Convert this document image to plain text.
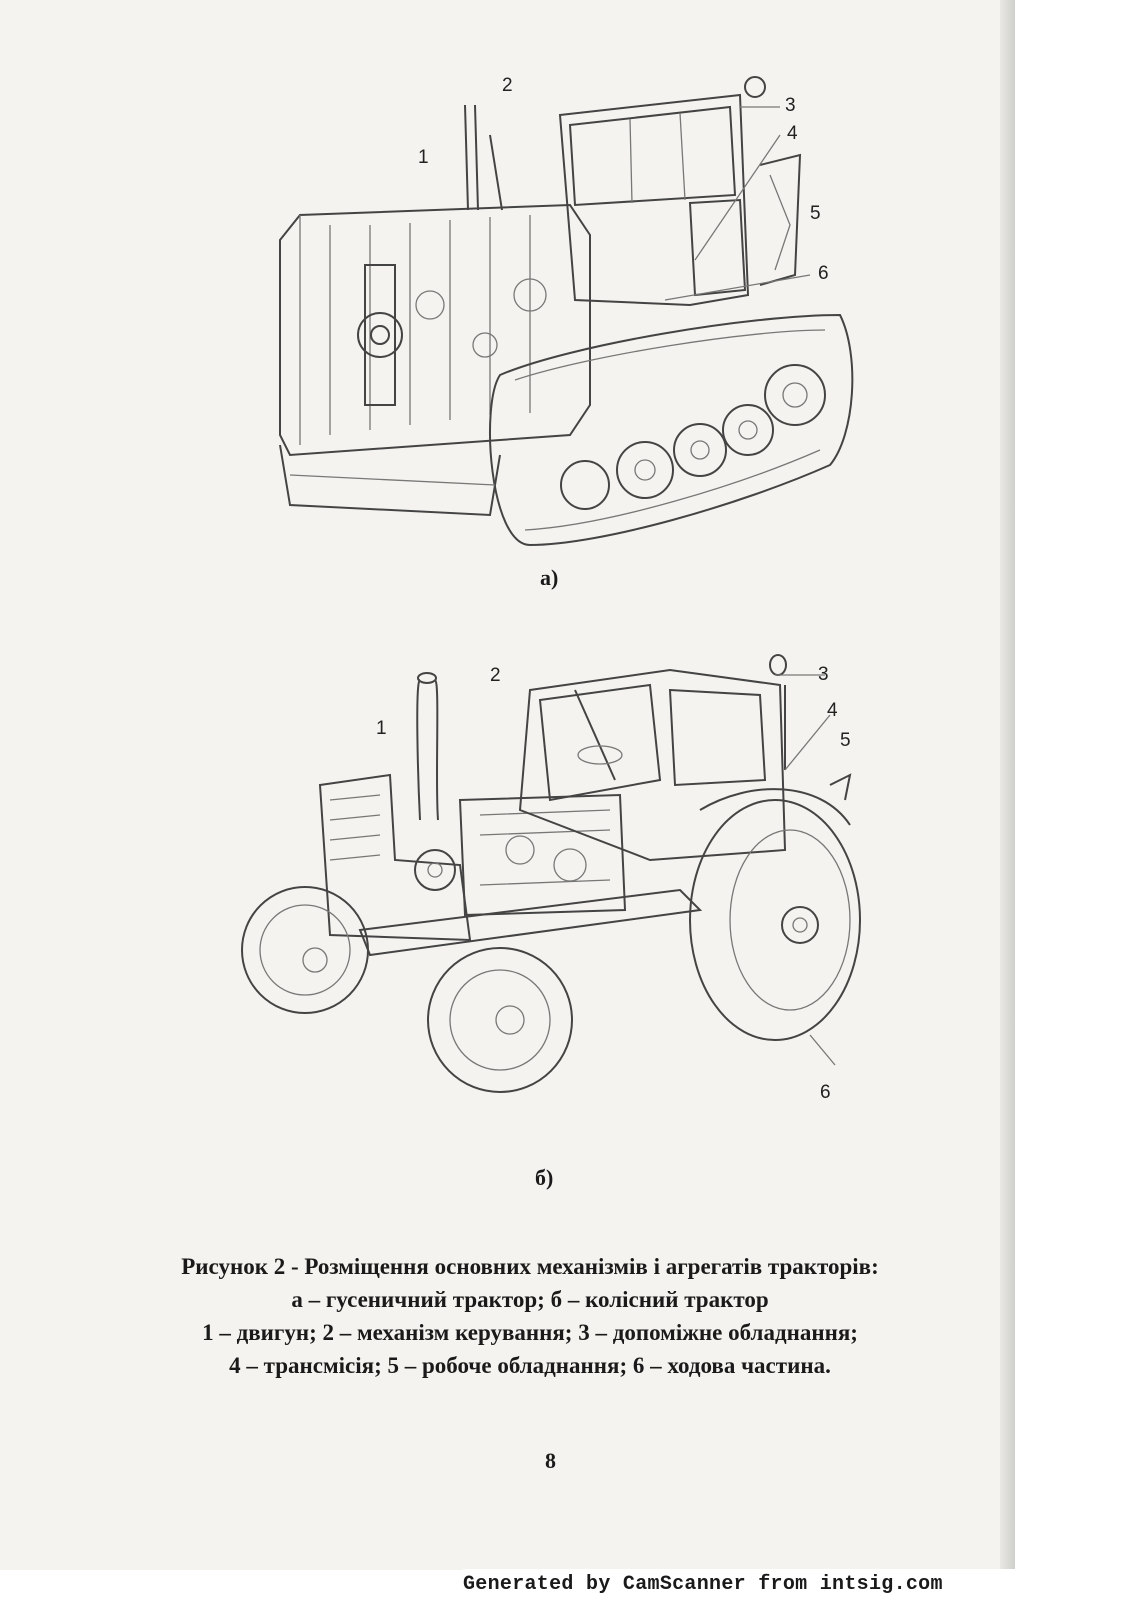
1
2
3
4
5
6
а)
1
2	3
4
5
6
б)
Рисунок 2 - Розміщення основних механізмів і агрегатів тракторів:
а – гусеничний трактор; б – колісний трактор
1 – двигун; 2 – механізм керування; 3 – допоміжне обладнання;
4 – трансмісія; 5 – робоче обладнання; 6 – ходова частина.
8
Generated by CamScanner from intsig.com
